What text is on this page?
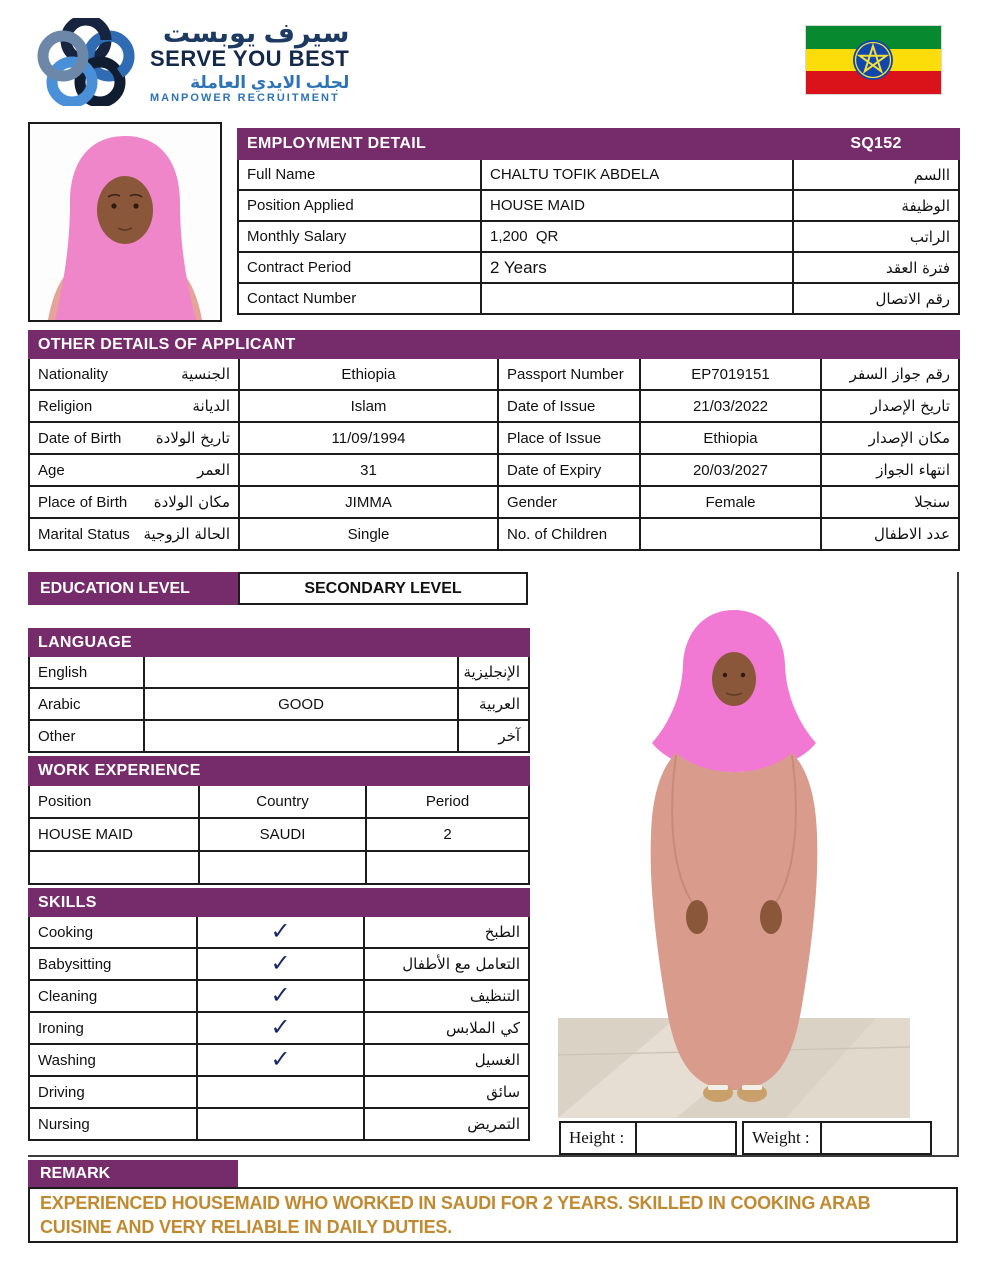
سيرف يوبست
SERVE YOU BEST
لجلب الايدي العاملة
MANPOWER RECRUITMENT
EMPLOYMENT DETAIL		SQ152
Full Name	CHALTU TOFIK ABDELA	االسم
Position Applied	HOUSE MAID	الوظيفة
Monthly Salary	1,200  QR	الراتب
Contract Period	2 Years	فترة العقد
Contact Number		رقم الاتصال
OTHER DETAILS OF APPLICANT				

Nationality الجنسية	Ethiopia	Passport Number	EP7019151	رقم جواز السفر

Religion الديانة	Islam	Date of Issue	21/03/2022	تاريخ الإصدار

Date of Birth تاريخ الولادة	11/09/1994	Place of Issue	Ethiopia	مكان الإصدار

Age العمر	31	Date of Expiry	20/03/2027	انتهاء الجواز

Place of Birth مكان الولادة	JIMMA	Gender	Female	سنجلا

Marital Status الحالة الزوجية	Single	No. of Children		عدد الاطفال
EDUCATION LEVEL	SECONDARY LEVEL
LANGUAGE		
English		الإنجليزية
Arabic	GOOD	العربية
Other		آخر
WORK EXPERIENCE		
Position	Country	Period
HOUSE MAID	SAUDI	2

SKILLS		
Cooking	✓	الطبخ
Babysitting	✓	التعامل مع الأطفال
Cleaning	✓	التنظيف
Ironing	✓	كي الملابس
Washing	✓	الغسيل
Driving		سائق
Nursing		التمريض
Height :		Weight :	
REMARK
EXPERIENCED HOUSEMAID WHO WORKED IN SAUDI FOR 2 YEARS. SKILLED IN COOKING ARAB CUISINE AND VERY RELIABLE IN DAILY DUTIES.
